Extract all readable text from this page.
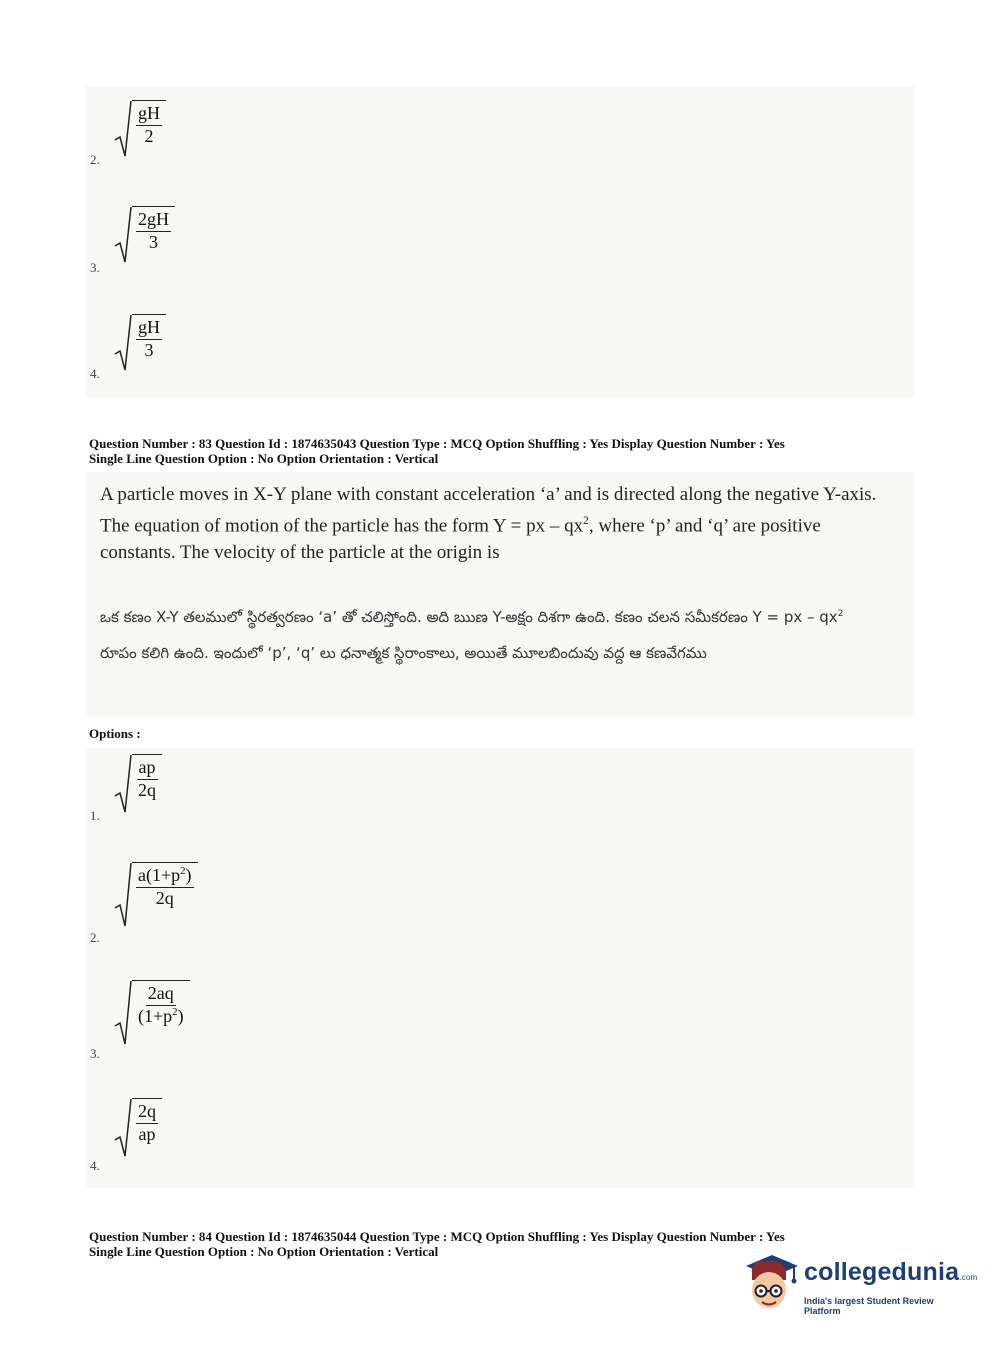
2.
$\frac{gH}{2}$
3.
$\frac{2gH}{3}$
4.
$\frac{gH}{3}$
Question Number : 83 Question Id : 1874635043 Question Type : MCQ Option Shuffling : Yes Display Question Number : Yes
Single Line Question Option : No Option Orientation : Vertical
A particle moves in X-Y plane with constant acceleration ‘a’ and is directed along the negative Y-axis. The equation of motion of the particle has the form Y = px – $qx^2$, where ‘p’ and ‘q’ are positive constants. The velocity of the particle at the origin is
ఒక కణం X-Y తలములో స్థిరత్వరణం ‘a’ తో చలిస్తోంది. అది ఋణ Y-అక్షం దిశగా ఉంది. కణం చలన సమీకరణం Y = px – $qx^2$ రూపం కలిగి ఉంది. ఇందులో ‘p’, ‘q’ లు ధనాత్మక స్థిరాంకాలు, అయితే మూలబిందువు వద్ద ఆ కణవేగము
Options :
1.
$\frac{ap}{2q}$
2.
$\frac{a(1+p^2)}{2q}$
3.
$\frac{2aq}{(1+p^2)}$
4.
$\frac{2q}{ap}$
Question Number : 84 Question Id : 1874635044 Question Type : MCQ Option Shuffling : Yes Display Question Number : Yes
Single Line Question Option : No Option Orientation : Vertical
collegedunia.com
India's largest Student Review Platform
